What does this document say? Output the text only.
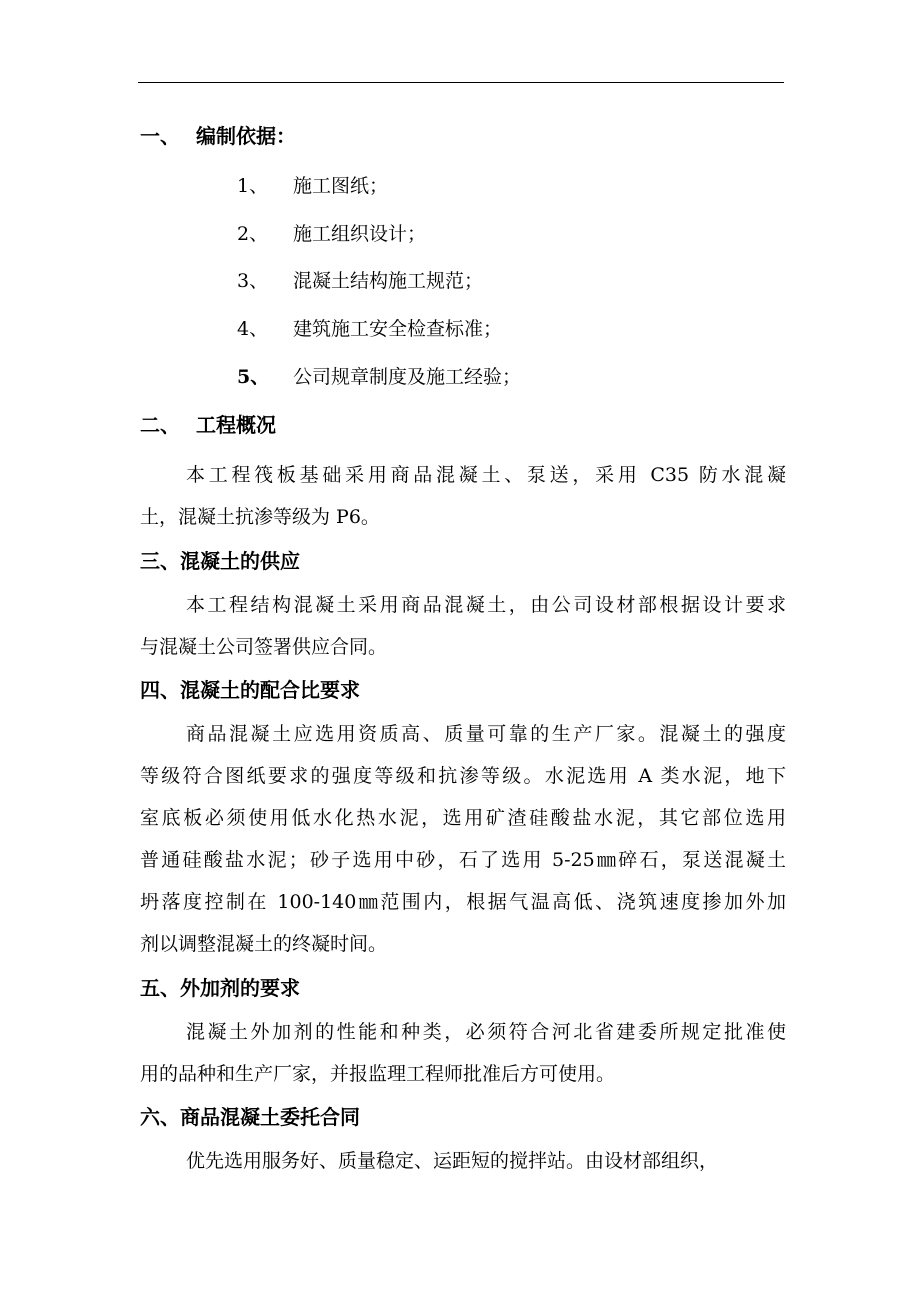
一、 编制依据：
1、 施工图纸；
2、 施工组织设计；
3、 混凝土结构施工规范；
4、 建筑施工安全检查标准；
5、 公司规章制度及施工经验；
二、 工程概况
本工程筏板基础采用商品混凝土、泵送，采用 C35 防水混凝
土，混凝土抗渗等级为 P6。
三、混凝土的供应
本工程结构混凝土采用商品混凝土，由公司设材部根据设计要求
与混凝土公司签署供应合同。
四、混凝土的配合比要求
商品混凝土应选用资质高、质量可靠的生产厂家。混凝土的强度
等级符合图纸要求的强度等级和抗渗等级。水泥选用 A 类水泥，地下
室底板必须使用低水化热水泥，选用矿渣硅酸盐水泥，其它部位选用
普通硅酸盐水泥；砂子选用中砂，石了选用 5-25㎜碎石，泵送混凝土
坍落度控制在 100-140㎜范围内，根据气温高低、浇筑速度掺加外加
剂以调整混凝土的终凝时间。
五、外加剂的要求
混凝土外加剂的性能和种类，必须符合河北省建委所规定批准使
用的品种和生产厂家，并报监理工程师批准后方可使用。
六、商品混凝土委托合同
优先选用服务好、质量稳定、运距短的搅拌站。由设材部组织，
